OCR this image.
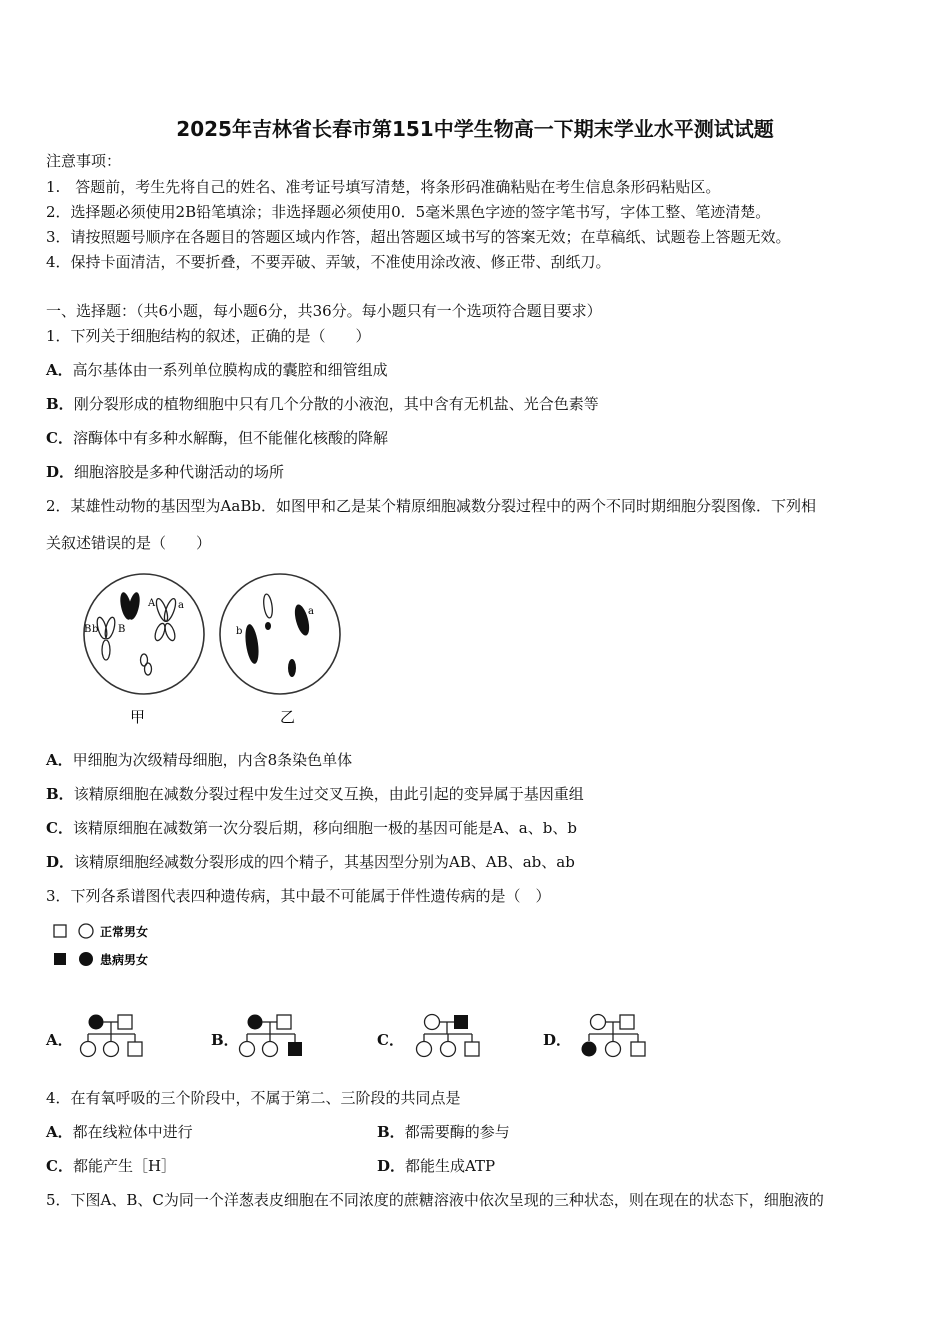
2025年吉林省长春市第151中学生物高一下期末学业水平测试试题
注意事项：
1.　答题前，考生先将自己的姓名、准考证号填写清楚，将条形码准确粘贴在考生信息条形码粘贴区。
2．选择题必须使用2B铅笔填涂；非选择题必须使用0．5毫米黑色字迹的签字笔书写，字体工整、笔迹清楚。
3．请按照题号顺序在各题目的答题区域内作答，超出答题区域书写的答案无效；在草稿纸、试题卷上答题无效。
4．保持卡面清洁，不要折叠，不要弄破、弄皱，不准使用涂改液、修正带、刮纸刀。
一、选择题：（共6小题，每小题6分，共36分。每小题只有一个选项符合题目要求）
1．下列关于细胞结构的叙述，正确的是（　　）
A．高尔基体由一系列单位膜构成的囊腔和细管组成
B．刚分裂形成的植物细胞中只有几个分散的小液泡，其中含有无机盐、光合色素等
C．溶酶体中有多种水解酶，但不能催化核酸的降解
D．细胞溶胶是多种代谢活动的场所
2．某雄性动物的基因型为AaBb．如图甲和乙是某个精原细胞减数分裂过程中的两个不同时期细胞分裂图像．下列相
关叙述错误的是（　　）
B b B
A a
a
b
甲	乙
A．甲细胞为次级精母细胞，内含8条染色单体
B．该精原细胞在减数分裂过程中发生过交叉互换，由此引起的变异属于基因重组
C．该精原细胞在减数第一次分裂后期，移向细胞一极的基因可能是A、a、b、b
D．该精原细胞经减数分裂形成的四个精子，其基因型分别为AB、AB、ab、ab
3．下列各系谱图代表四种遗传病，其中最不可能属于伴性遗传病的是（　）
正常男女
患病男女
A．	B．	C．	D．
4．在有氧呼吸的三个阶段中，不属于第二、三阶段的共同点是
A．都在线粒体中进行	B．都需要酶的参与
C．都能产生［H］	D．都能生成ATP
5．下图A、B、C为同一个洋葱表皮细胞在不同浓度的蔗糖溶液中依次呈现的三种状态，则在现在的状态下，细胞液的
